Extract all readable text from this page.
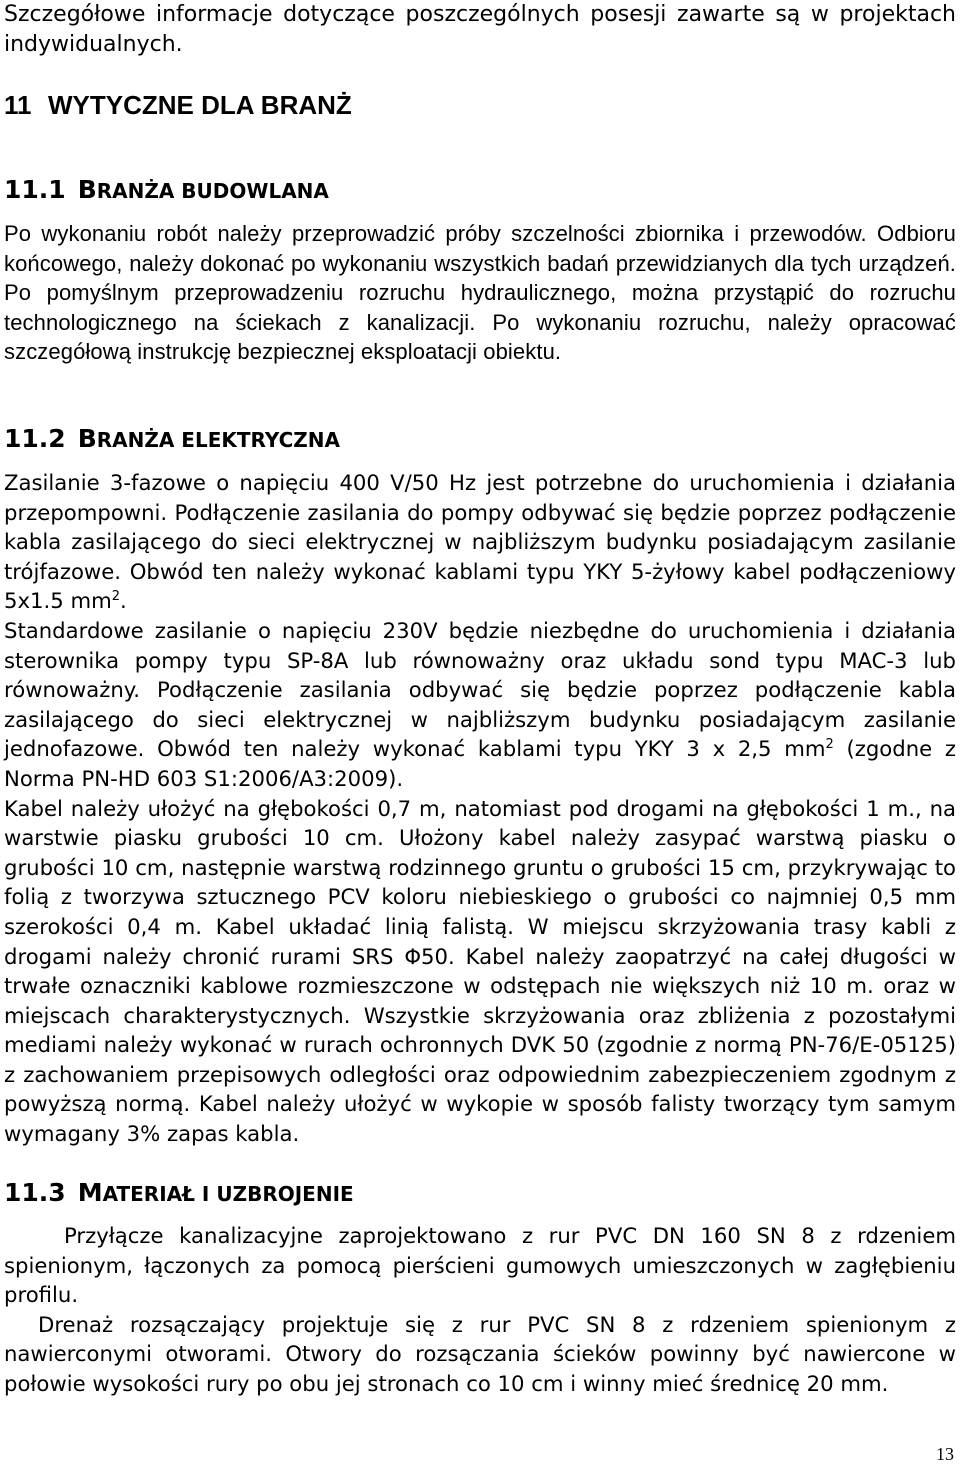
Szczegółowe informacje dotyczące poszczególnych posesji zawarte są w projektach indywidualnych.

11 WYTYCZNE DLA BRANŻ
11.1 BRANŻA BUDOWLANA

Po wykonaniu robót należy przeprowadzić próby szczelności zbiornika i przewodów. Odbioru końcowego, należy dokonać po wykonaniu wszystkich badań przewidzianych dla tych urządzeń. Po pomyślnym przeprowadzeniu rozruchu hydraulicznego, można przystąpić do rozruchu technologicznego na ściekach z kanalizacji. Po wykonaniu rozruchu, należy opracować szczegółową instrukcję bezpiecznej eksploatacji obiektu.

11.2 BRANŻA ELEKTRYCZNA

Zasilanie 3-fazowe o napięciu 400 V/50 Hz jest potrzebne do uruchomienia i działania przepompowni. Podłączenie zasilania do pompy odbywać się będzie poprzez podłączenie kabla zasilającego do sieci elektrycznej w najbliższym budynku posiadającym zasilanie trójfazowe. Obwód ten należy wykonać kablami typu YKY 5-żyłowy kabel podłączeniowy 5x1.5 $mm^2$.

Standardowe zasilanie o napięciu 230V będzie niezbędne do uruchomienia i działania sterownika pompy typu SP-8A lub równoważny oraz układu sond typu MAC-3 lub równoważny. Podłączenie zasilania odbywać się będzie poprzez podłączenie kabla zasilającego do sieci elektrycznej w najbliższym budynku posiadającym zasilanie jednofazowe. Obwód ten należy wykonać kablami typu YKY 3 x 2,5 $mm^2$ (zgodne z Norma PN-HD 603 S1:2006/A3:2009).

Kabel należy ułożyć na głębokości 0,7 m, natomiast pod drogami na głębokości 1 m., na warstwie piasku grubości 10 cm. Ułożony kabel należy zasypać warstwą piasku o grubości 10 cm, następnie warstwą rodzinnego gruntu o grubości 15 cm, przykrywając to folią z tworzywa sztucznego PCV koloru niebieskiego o grubości co najmniej 0,5 mm szerokości 0,4 m. Kabel układać linią falistą. W miejscu skrzyżowania trasy kabli z drogami należy chronić rurami SRS Φ50. Kabel należy zaopatrzyć na całej długości w trwałe oznaczniki kablowe rozmieszczone w odstępach nie większych niż 10 m. oraz w miejscach charakterystycznych. Wszystkie skrzyżowania oraz zbliżenia z pozostałymi mediami należy wykonać w rurach ochronnych DVK 50 (zgodnie z normą PN-76/E-05125) z zachowaniem przepisowych odległości oraz odpowiednim zabezpieczeniem zgodnym z powyższą normą. Kabel należy ułożyć w wykopie w sposób falisty tworzący tym samym wymagany 3% zapas kabla.

11.3 MATERIAŁ I UZBROJENIE

Przyłącze kanalizacyjne zaprojektowano z rur PVC DN 160 SN 8 z rdzeniem spienionym, łączonych za pomocą pierścieni gumowych umieszczonych w zagłębieniu profilu.

Drenaż rozsączający projektuje się z rur PVC SN 8 z rdzeniem spienionym z nawierconymi otworami. Otwory do rozsączania ścieków powinny być nawiercone w połowie wysokości rury po obu jej stronach co 10 cm i winny mieć średnicę 20 mm.

13
